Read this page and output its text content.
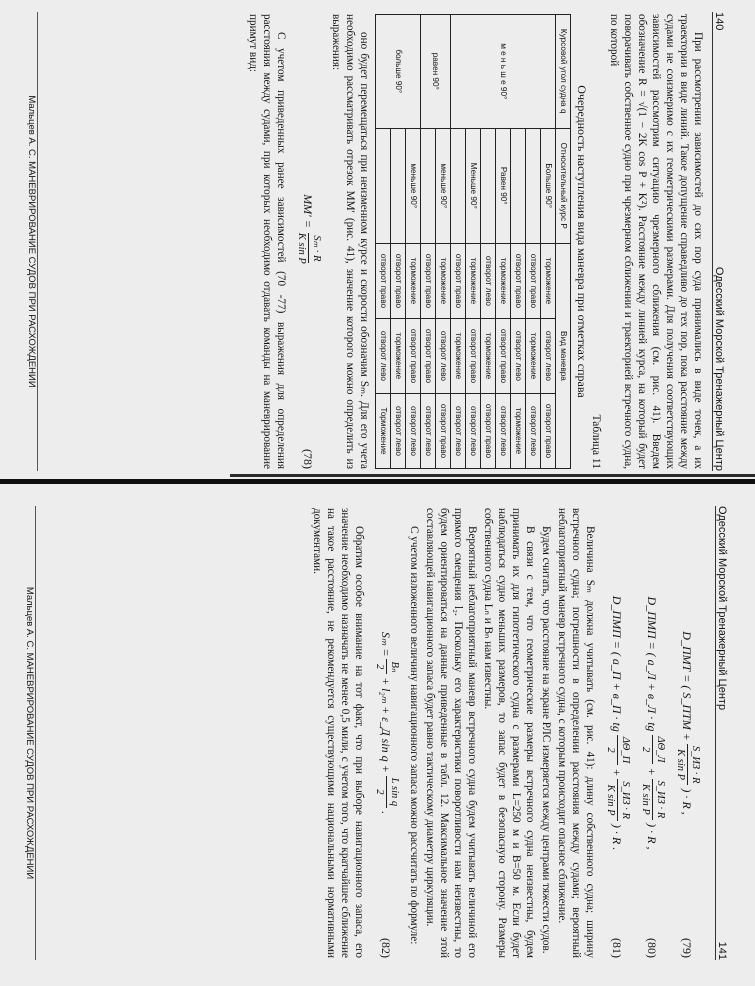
140
Одесский Морской Тренажерный Центр

При рассмотрении зависимостей до сих пор суда принимались в виде точек, а их траектории в виде линий. Такое допущение справедливо до тех пор, пока расстояние между судами не соизмеримо с их геометрическими размерами. Для получения соответствующих зависимостей рассмотрим ситуацию чрезмерного сближения (см. рис. 41). Введем обозначение R = √(1 − 2K cos P + K²). Расстояние между линией курса, на который будет поворачивать собственное судно при чрезмерном сближении и траекторией встречного судна, по которой

Таблица 11

Очередность наступления вида маневра при отметках справа

Курсовой угол судна q	Относительный курс P	Вид маневра		
м е н ь ш е 90°	Больше 90°	торможение	отворот лево	отворот право
		отворот право	торможение	отворот лево
		отворот право	отворот лево	торможение
	Равен 90°	торможение	отворот право	отворот лево
		отворот лево	торможение	отворот право
	Меньше 90°	торможение	отворот право	отворот лево
		отворот право	торможение	отворот лево
равен 90°	меньше 90°	торможение	отворот лево	отворот право
		отворот право	отворот право	отворот лево
больше 90°	меньше 90°	торможение	отворот право	отворот лево
		отворот право	торможение	отворот лево
		отворот право	отворот лево	Торможение

оно будет перемещаться при неизменном курсе и скорости обозначим Sₘ. Для его учета необходимо рассматривать отрезок MM′ (рис. 41), значение которого можно определить из выражения:

MM′ =
Sₘ · R
K sin P
(78)

С учетом приведенных ранее зависимостей (70 -77) выражения для определения расстояния между судами, при которых необходимо отдавать команды на маневрирование примут вид:

Мальцев А. С. МАНЕВРИРОВАНИЕ СУДОВ ПРИ РАСХОЖДЕНИИ
Одесский Морской Тренажерный Центр
141
D_ПМТ = ( S_ПТМ +
S_ИЗ · R
K sin P
) · R ,
(79)
D_ПМП = ( a_Л + в_Л · tg
ΔΘ_Л
2
+
S_ИЗ · R
K sin P
) · R ,
(80)
D_ПМП = ( a_П + в_П · tg
ΔΘ_П
2
+
S_ИЗ · R
K sin P
) · R .
(81)

Величина Sₘ должна учитывать (см. рис. 41): длину собственного судна; ширину встречного судна; погрешности в определении расстояния между судами; вероятный неблагоприятный маневр встречного судна, с которым происходит опасное сближение.

Будем считать, что расстояние на экране РЛС измеряется между центрами тяжести судов.

В связи с тем, что геометрические размеры встречного судна неизвестны, будем принимать их для гипотетического судна с размерами L=250 м и B=50 м. Если будет наблюдаться судно меньших размеров, то запас будет в безопасную сторону. Размеры собственного судна Lₙ и Bₙ нам известны.

Вероятный неблагоприятный маневр встречного судна будем учитывать величиной его прямого смещения l₂. Поскольку его характеристики поворотливости нам неизвестны, то будем ориентироваться на данные приведенные в табл. 12. Максимальное значение этой составляющей навигационного запаса будет равно тактическому диаметру циркуляции.

С учетом изложенного величину навигационного запаса можно рассчитать по формуле:

Sₘ =
Bₙ
2
+ l₂ₘ + ε_Д sin q +
L sin q
2
.
(82)

Обратим особое внимание на тот факт, что при выборе навигационного запаса, его значение необходимо назначать не менее 0,5 мили, с учетом того, что кратчайшее сближение на такое расстояние, не рекомендуется существующими национальными нормативными документами.

Мальцев А. С. МАНЕВРИРОВАНИЕ СУДОВ ПРИ РАСХОЖДЕНИИ
